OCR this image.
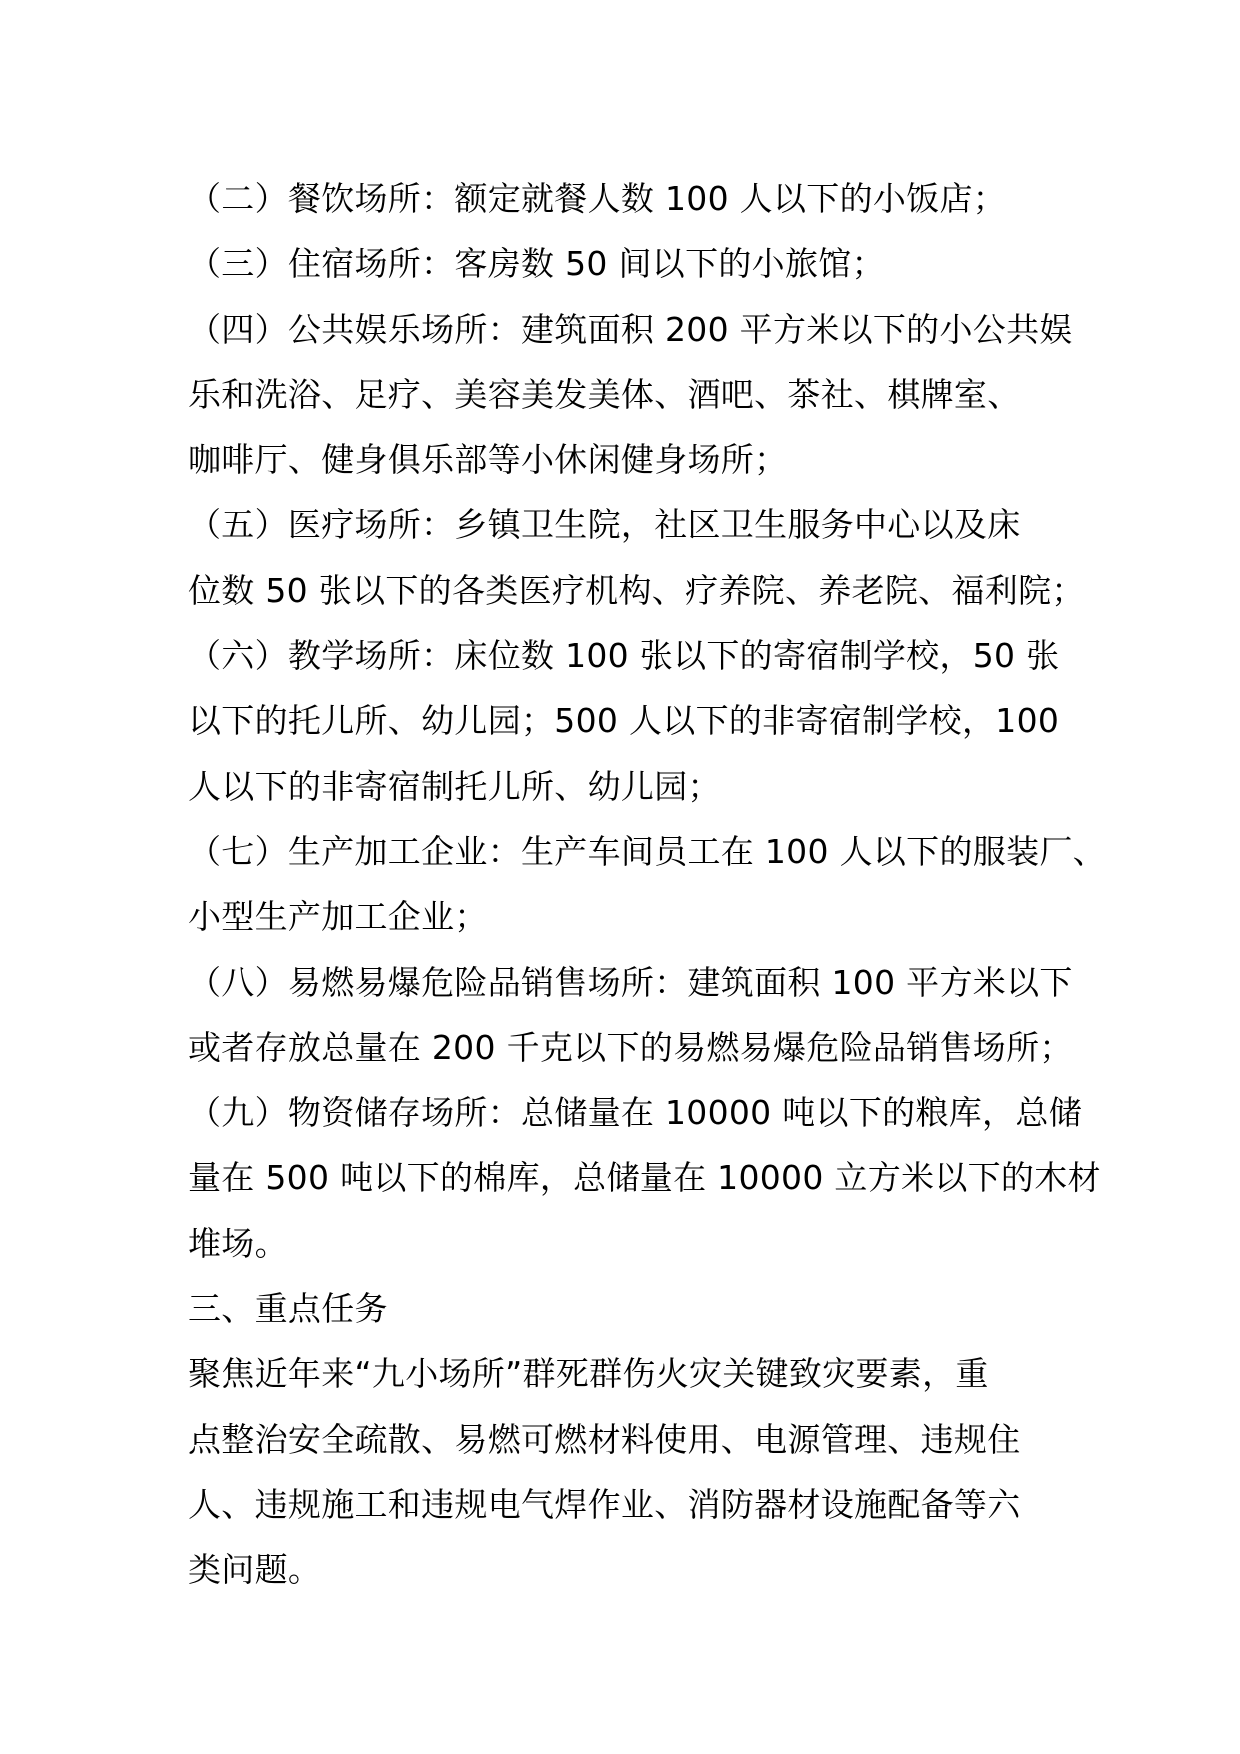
（二）餐饮场所：额定就餐人数 100 人以下的小饭店；
（三）住宿场所：客房数 50 间以下的小旅馆；
（四）公共娱乐场所：建筑面积 200 平方米以下的小公共娱
乐和洗浴、足疗、美容美发美体、酒吧、茶社、棋牌室、
咖啡厅、健身俱乐部等小休闲健身场所；
（五）医疗场所：乡镇卫生院，社区卫生服务中心以及床
位数 50 张以下的各类医疗机构、疗养院、养老院、福利院；
（六）教学场所：床位数 100 张以下的寄宿制学校，50 张
以下的托儿所、幼儿园；500 人以下的非寄宿制学校，100
人以下的非寄宿制托儿所、幼儿园；
（七）生产加工企业：生产车间员工在 100 人以下的服装厂、
小型生产加工企业；
（八）易燃易爆危险品销售场所：建筑面积 100 平方米以下
或者存放总量在 200 千克以下的易燃易爆危险品销售场所；
（九）物资储存场所：总储量在 10000 吨以下的粮库，总储
量在 500 吨以下的棉库，总储量在 10000 立方米以下的木材
堆场。
三、重点任务
聚焦近年来“九小场所”群死群伤火灾关键致灾要素，重
点整治安全疏散、易燃可燃材料使用、电源管理、违规住
人、违规施工和违规电气焊作业、消防器材设施配备等六
类问题。
